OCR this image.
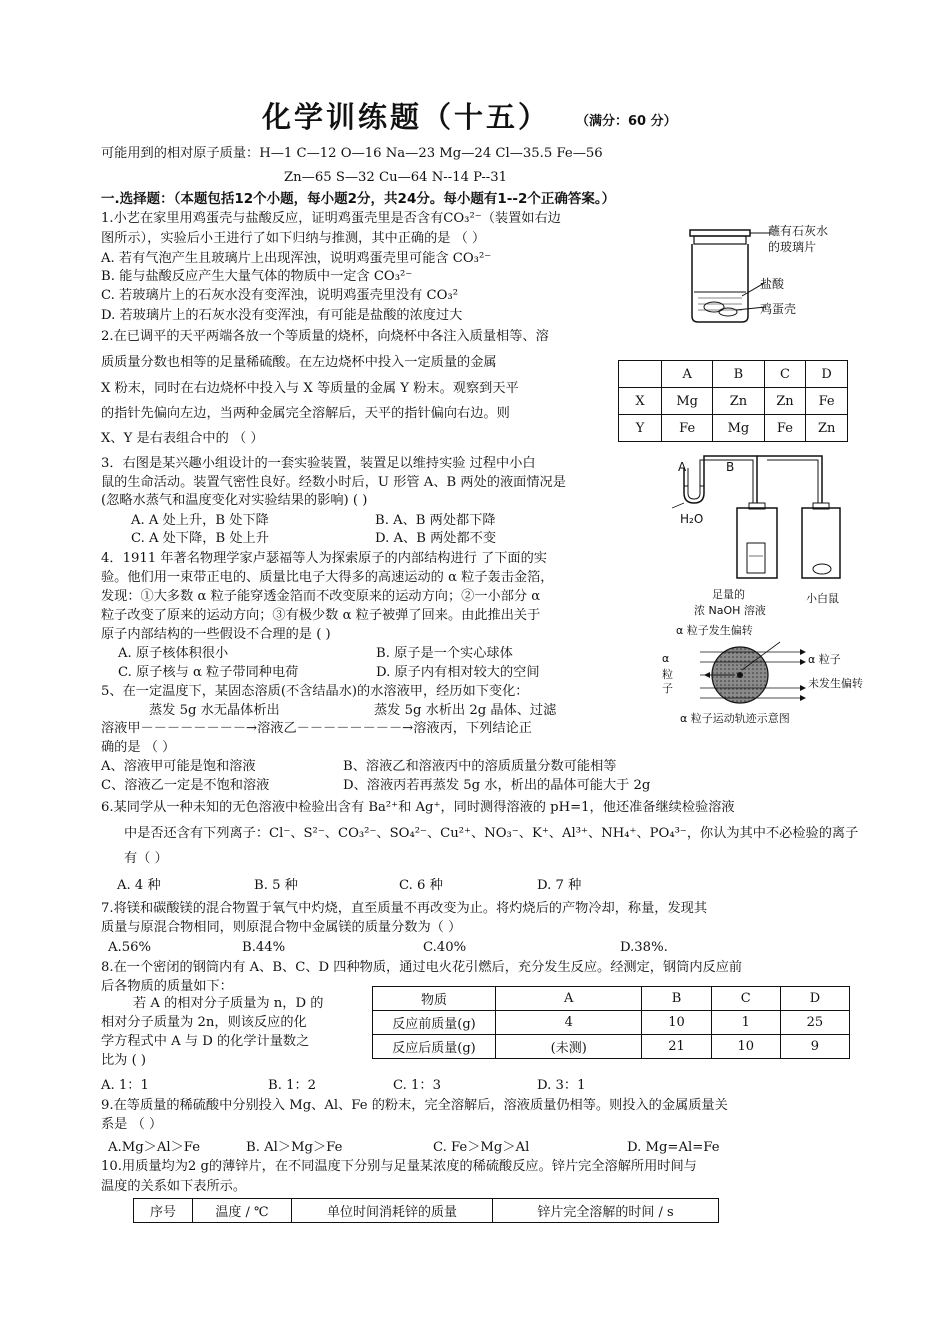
化学训练题（十五） （满分：60 分）
可能用到的相对原子质量：H—1 C—12 O—16 Na—23 Mg—24 Cl—35.5 Fe—56
Zn—65 S—32 Cu—64 N--14 P--31
一.选择题：（本题包括12个小题，每小题2分，共24分。每小题有1--2个正确答案。）
1.小艺在家里用鸡蛋壳与盐酸反应，证明鸡蛋壳里是否含有CO₃²⁻（装置如右边
图所示），实验后小王进行了如下归纳与推测，其中正确的是 （ ）
A. 若有气泡产生且玻璃片上出现浑浊，说明鸡蛋壳里可能含 CO₃²⁻
B. 能与盐酸反应产生大量气体的物质中一定含 CO₃²⁻
C. 若玻璃片上的石灰水没有变浑浊，说明鸡蛋壳里没有 CO₃²
D. 若玻璃片上的石灰水没有变浑浊，有可能是盐酸的浓度过大
蘸有石灰水
的玻璃片
盐酸
鸡蛋壳
2.在已调平的天平两端各放一个等质量的烧杯，向烧杯中各注入质量相等、溶
质质量分数也相等的足量稀硫酸。在左边烧杯中投入一定质量的金属
X 粉末，同时在右边烧杯中投入与 X 等质量的金属 Y 粉末。观察到天平
的指针先偏向左边，当两种金属完全溶解后，天平的指针偏向右边。则
X、Y 是右表组合中的 （ ）
	A	B	C	D
X	Mg	Zn	Zn	Fe
Y	Fe	Mg	Fe	Zn
3．右图是某兴趣小组设计的一套实验装置，装置足以维持实验 过程中小白
鼠的生命活动。装置气密性良好。经数小时后，U 形管 A、B 两处的液面情况是
(忽略水蒸气和温度变化对实验结果的影响) ( )
A. A 处上升，B 处下降	B. A、B 两处都下降
C. A 处下降，B 处上升	D. A、B 两处都不变
A	B
H₂O
足量的
浓 NaOH 溶液
小白鼠
4．1911 年著名物理学家卢瑟福等人为探索原子的内部结构进行 了下面的实
验。他们用一束带正电的、质量比电子大得多的高速运动的 α 粒子轰击金箔，
发现：①大多数 α 粒子能穿透金箔而不改变原来的运动方向；②一小部分 α
粒子改变了原来的运动方向；③有极少数 α 粒子被弹了回来。由此推出关于
原子内部结构的一些假设不合理的是 ( )
A. 原子核体积很小	B. 原子是一个实心球体
C. 原子核与 α 粒子带同种电荷	D. 原子内有相对较大的空间
α 粒子发生偏转
α
粒
子
α 粒子
未发生偏转
α 粒子运动轨迹示意图
5、在一定温度下，某固态溶质(不含结晶水)的水溶液甲，经历如下变化：
蒸发 5g 水无晶体析出	蒸发 5g 水析出 2g 晶体、过滤
溶液甲－－－－－－－－→溶液乙－－－－－－－－→溶液丙，下列结论正
确的是 （ ）
A、溶液甲可能是饱和溶液	B、溶液乙和溶液丙中的溶质质量分数可能相等
C、溶液乙一定是不饱和溶液	D、溶液丙若再蒸发 5g 水，析出的晶体可能大于 2g
6.某同学从一种未知的无色溶液中检验出含有 Ba²⁺和 Ag⁺，同时测得溶液的 pH=1，他还准备继续检验溶液
中是否还含有下列离子：Cl⁻、S²⁻、CO₃²⁻、SO₄²⁻、Cu²⁺、NO₃⁻、K⁺、Al³⁺、NH₄⁺、PO₄³⁻，你认为其中不必检验的离子
有（ ）
A. 4 种	B. 5 种	C. 6 种	D. 7 种
7.将镁和碳酸镁的混合物置于氧气中灼烧，直至质量不再改变为止。将灼烧后的产物冷却，称量，发现其
质量与原混合物相同，则原混合物中金属镁的质量分数为（ ）
A.56%	B.44%	C.40%	D.38%.
8.在一个密闭的钢筒内有 A、B、C、D 四种物质，通过电火花引燃后，充分发生反应。经测定，钢筒内反应前
后各物质的质量如下：
若 A 的相对分子质量为 n，D 的
相对分子质量为 2n，则该反应的化
学方程式中 A 与 D 的化学计量数之
比为 ( )
物质	A	B	C	D
反应前质量(g)	4	10	1	25
反应后质量(g)	(未测)	21	10	9
A. 1：1	B. 1：2	C. 1：3	D. 3：1
9.在等质量的稀硫酸中分别投入 Mg、Al、Fe 的粉末，完全溶解后，溶液质量仍相等。则投入的金属质量关
系是 （ ）
A.Mg＞Al＞Fe	B. Al＞Mg＞Fe	C. Fe＞Mg＞Al	D. Mg=Al=Fe
10.用质量均为2 g的薄锌片，在不同温度下分别与足量某浓度的稀硫酸反应。锌片完全溶解所用时间与
温度的关系如下表所示。
序号	温度 / ℃	单位时间消耗锌的质量	锌片完全溶解的时间 / s
